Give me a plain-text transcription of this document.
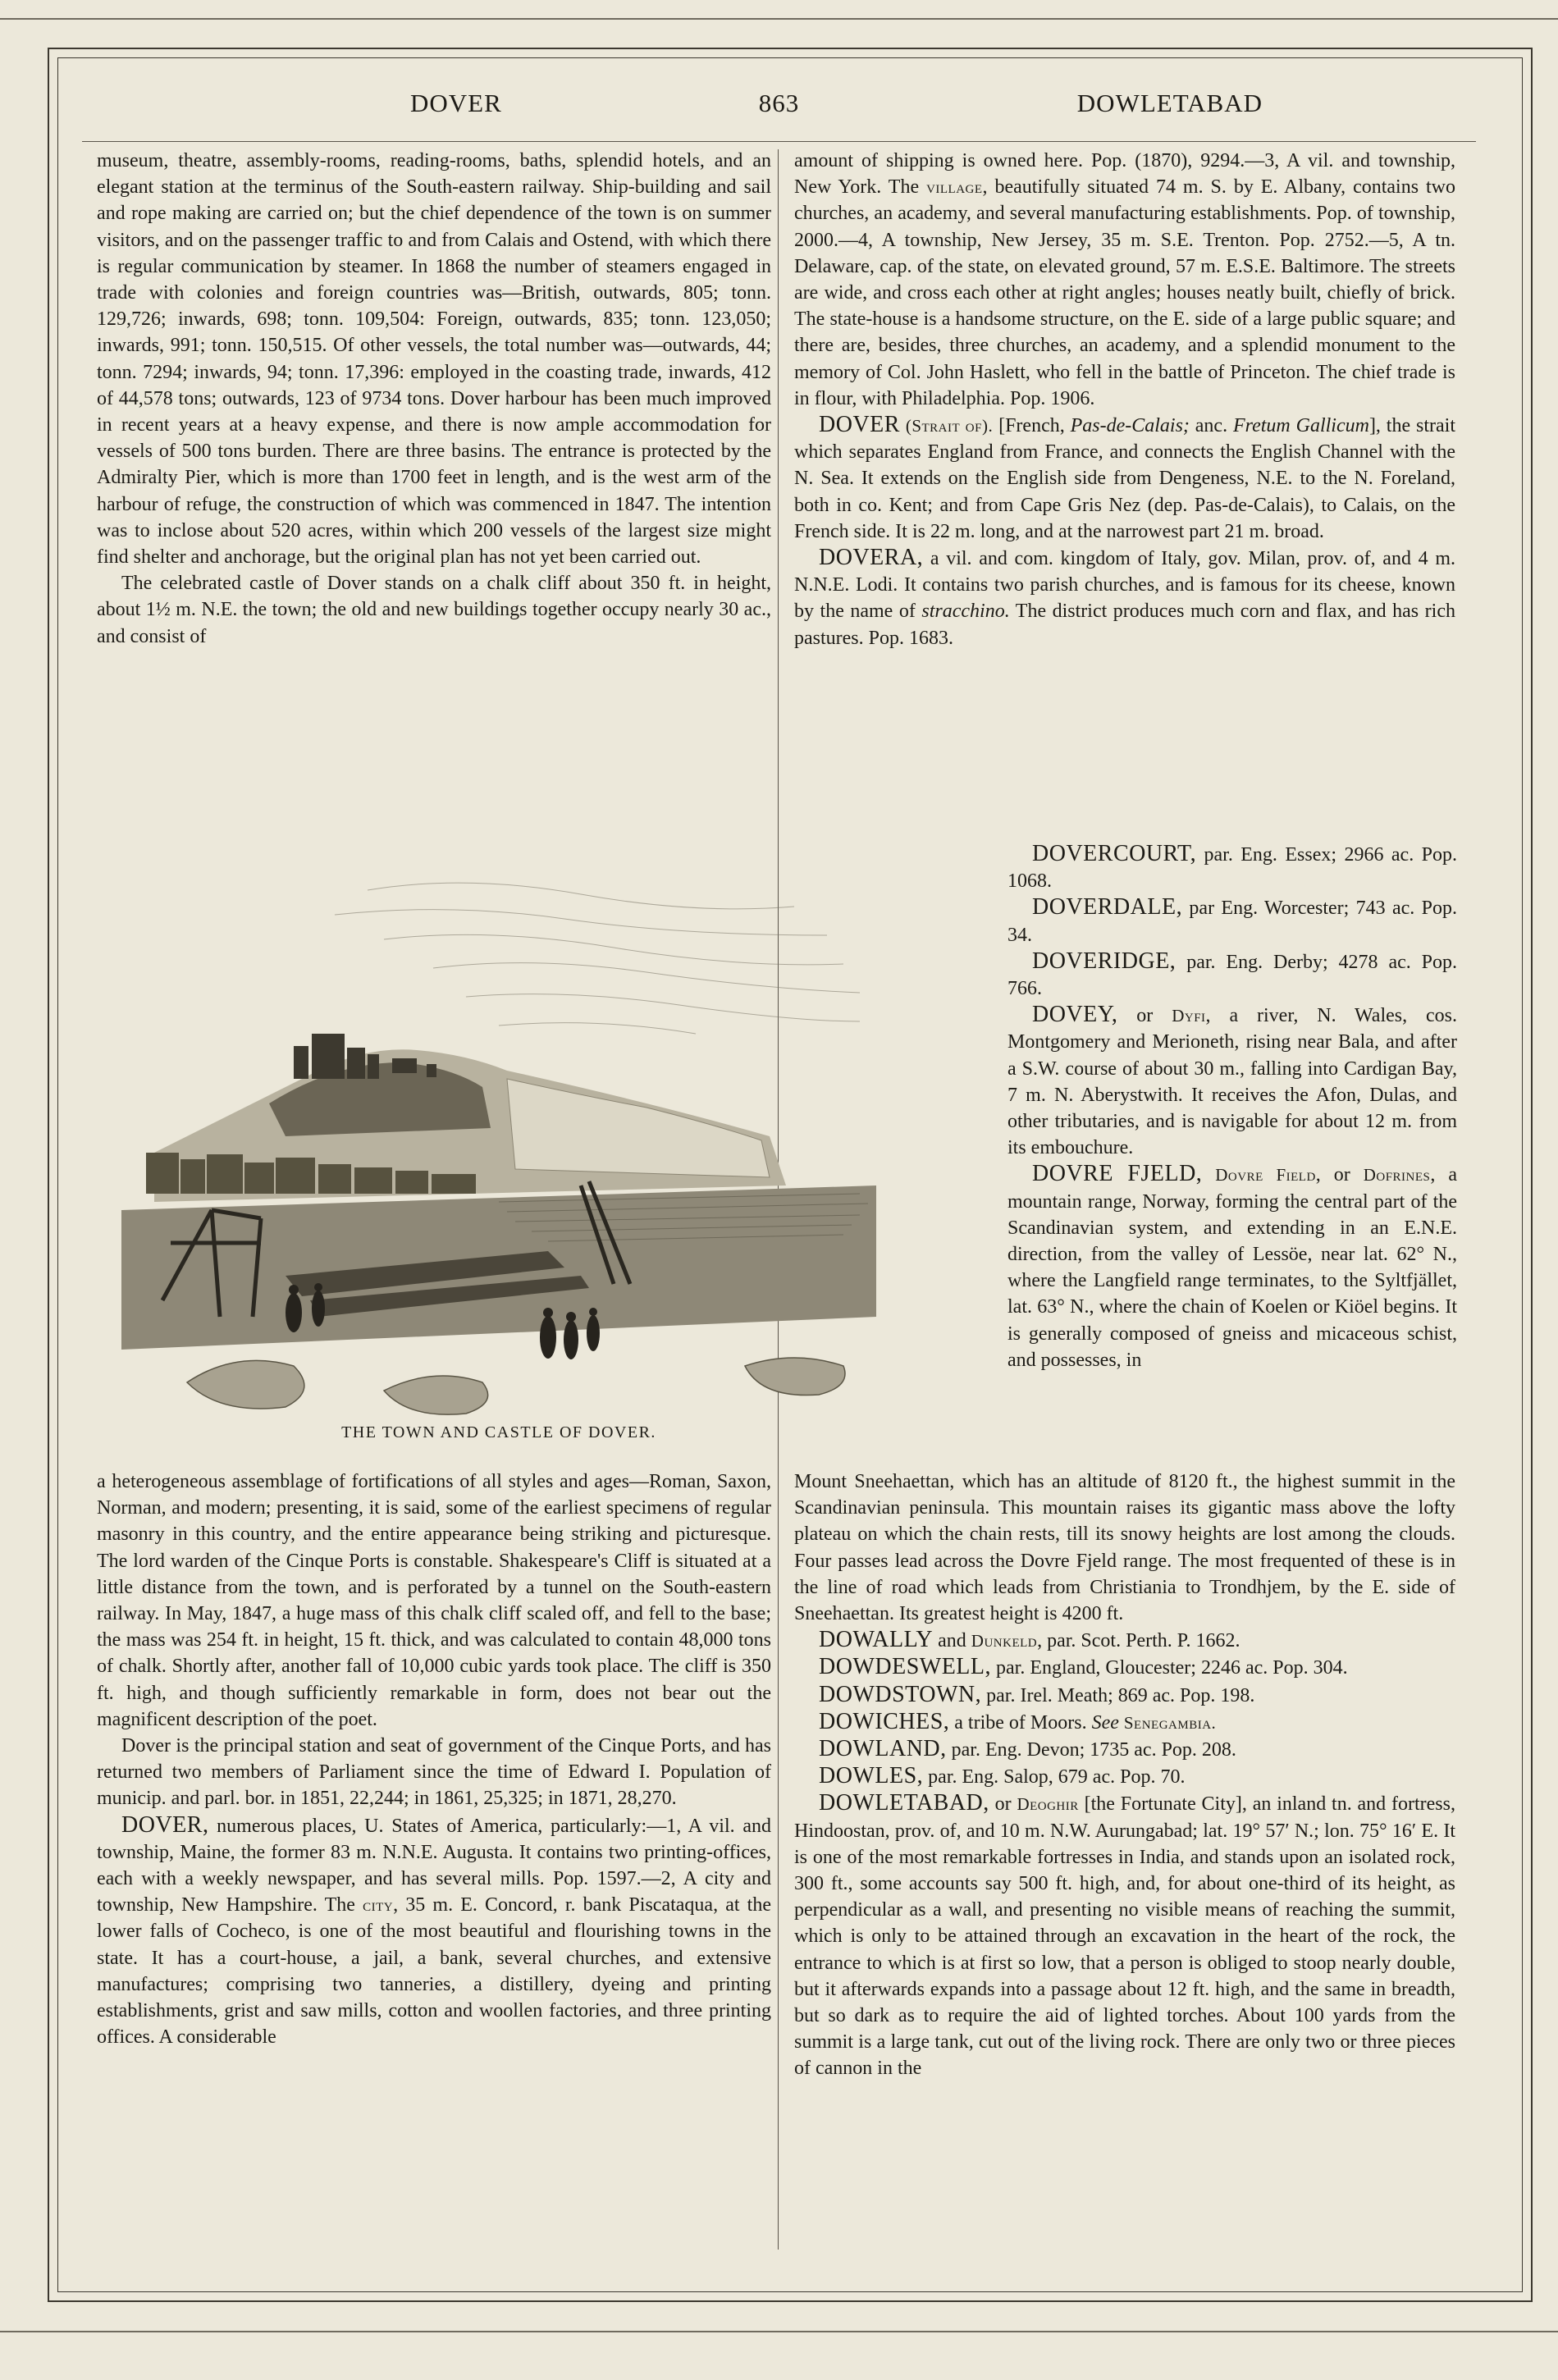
DOVER	863	DOWLETABAD

museum, theatre, assembly-rooms, reading-rooms, baths, splendid hotels, and an elegant station at the terminus of the South-eastern railway. Ship-building and sail and rope making are carried on; but the chief dependence of the town is on summer visitors, and on the passenger traffic to and from Calais and Ostend, with which there is regular communication by steamer. In 1868 the number of steamers engaged in trade with colonies and foreign countries was—British, outwards, 805; tonn. 129,726; inwards, 698; tonn. 109,504: Foreign, outwards, 835; tonn. 123,050; inwards, 991; tonn. 150,515. Of other vessels, the total number was—outwards, 44; tonn. 7294; inwards, 94; tonn. 17,396: employed in the coasting trade, inwards, 412 of 44,578 tons; outwards, 123 of 9734 tons. Dover harbour has been much improved in recent years at a heavy expense, and there is now ample accommodation for vessels of 500 tons burden. There are three basins. The entrance is protected by the Admiralty Pier, which is more than 1700 feet in length, and is the west arm of the harbour of refuge, the construction of which was commenced in 1847. The intention was to inclose about 520 acres, within which 200 vessels of the largest size might find shelter and anchorage, but the original plan has not yet been carried out.

The celebrated castle of Dover stands on a chalk cliff about 350 ft. in height, about 1½ m. N.E. the town; the old and new buildings together occupy nearly 30 ac., and consist of

THE TOWN AND CASTLE OF DOVER.

a heterogeneous assemblage of fortifications of all styles and ages—Roman, Saxon, Norman, and modern; presenting, it is said, some of the earliest specimens of regular masonry in this country, and the entire appearance being striking and picturesque. The lord warden of the Cinque Ports is constable. Shakespeare's Cliff is situated at a little distance from the town, and is perforated by a tunnel on the South-eastern railway. In May, 1847, a huge mass of this chalk cliff scaled off, and fell to the base; the mass was 254 ft. in height, 15 ft. thick, and was calculated to contain 48,000 tons of chalk. Shortly after, another fall of 10,000 cubic yards took place. The cliff is 350 ft. high, and though sufficiently remarkable in form, does not bear out the magnificent description of the poet.

Dover is the principal station and seat of government of the Cinque Ports, and has returned two members of Parliament since the time of Edward I. Population of municip. and parl. bor. in 1851, 22,244; in 1861, 25,325; in 1871, 28,270.

DOVER, numerous places, U. States of America, particularly:—1, A vil. and township, Maine, the former 83 m. N.N.E. Augusta. It contains two printing-offices, each with a weekly newspaper, and has several mills. Pop. 1597.—2, A city and township, New Hampshire. The city, 35 m. E. Concord, r. bank Piscataqua, at the lower falls of Cocheco, is one of the most beautiful and flourishing towns in the state. It has a court-house, a jail, a bank, several churches, and extensive manufactures; comprising two tanneries, a distillery, dyeing and printing establishments, grist and saw mills, cotton and woollen factories, and three printing offices. A considerable

amount of shipping is owned here. Pop. (1870), 9294.—3, A vil. and township, New York. The village, beautifully situated 74 m. S. by E. Albany, contains two churches, an academy, and several manufacturing establishments. Pop. of township, 2000.—4, A township, New Jersey, 35 m. S.E. Trenton. Pop. 2752.—5, A tn. Delaware, cap. of the state, on elevated ground, 57 m. E.S.E. Baltimore. The streets are wide, and cross each other at right angles; houses neatly built, chiefly of brick. The state-house is a handsome structure, on the E. side of a large public square; and there are, besides, three churches, an academy, and a splendid monument to the memory of Col. John Haslett, who fell in the battle of Princeton. The chief trade is in flour, with Philadelphia. Pop. 1906.

DOVER (Strait of). [French, Pas-de-Calais; anc. Fretum Gallicum], the strait which separates England from France, and connects the English Channel with the N. Sea. It extends on the English side from Dengeness, N.E. to the N. Foreland, both in co. Kent; and from Cape Gris Nez (dep. Pas-de-Calais), to Calais, on the French side. It is 22 m. long, and at the narrowest part 21 m. broad.

DOVERA, a vil. and com. kingdom of Italy, gov. Milan, prov. of, and 4 m. N.N.E. Lodi. It contains two parish churches, and is famous for its cheese, known by the name of stracchino. The district produces much corn and flax, and has rich pastures. Pop. 1683.

DOVERCOURT, par. Eng. Essex; 2966 ac. Pop. 1068.

DOVERDALE, par Eng. Worcester; 743 ac. Pop. 34.

DOVERIDGE, par. Eng. Derby; 4278 ac. Pop. 766.

DOVEY, or Dyfi, a river, N. Wales, cos. Montgomery and Merioneth, rising near Bala, and after a S.W. course of about 30 m., falling into Cardigan Bay, 7 m. N. Aberystwith. It receives the Afon, Dulas, and other tributaries, and is navigable for about 12 m. from its embouchure.

DOVRE FJELD, Dovre Field, or Dofrines, a mountain range, Norway, forming the central part of the Scandinavian system, and extending in an E.N.E. direction, from the valley of Lessöe, near lat. 62° N., where the Langfield range terminates, to the Syltfjället, lat. 63° N., where the chain of Koelen or Kiöel begins. It is generally composed of gneiss and micaceous schist, and possesses, in

Mount Sneehaettan, which has an altitude of 8120 ft., the highest summit in the Scandinavian peninsula. This mountain raises its gigantic mass above the lofty plateau on which the chain rests, till its snowy heights are lost among the clouds. Four passes lead across the Dovre Fjeld range. The most frequented of these is in the line of road which leads from Christiania to Trondhjem, by the E. side of Sneehaettan. Its greatest height is 4200 ft.

DOWALLY and Dunkeld, par. Scot. Perth. P. 1662.

DOWDESWELL, par. England, Gloucester; 2246 ac. Pop. 304.

DOWDSTOWN, par. Irel. Meath; 869 ac. Pop. 198.

DOWICHES, a tribe of Moors. See Senegambia.

DOWLAND, par. Eng. Devon; 1735 ac. Pop. 208.

DOWLES, par. Eng. Salop, 679 ac. Pop. 70.

DOWLETABAD, or Deoghir [the Fortunate City], an inland tn. and fortress, Hindoostan, prov. of, and 10 m. N.W. Aurungabad; lat. 19° 57′ N.; lon. 75° 16′ E. It is one of the most remarkable fortresses in India, and stands upon an isolated rock, 300 ft., some accounts say 500 ft. high, and, for about one-third of its height, as perpendicular as a wall, and presenting no visible means of reaching the summit, which is only to be attained through an excavation in the heart of the rock, the entrance to which is at first so low, that a person is obliged to stoop nearly double, but it afterwards expands into a passage about 12 ft. high, and the same in breadth, but so dark as to require the aid of lighted torches. About 100 yards from the summit is a large tank, cut out of the living rock. There are only two or three pieces of cannon in the
